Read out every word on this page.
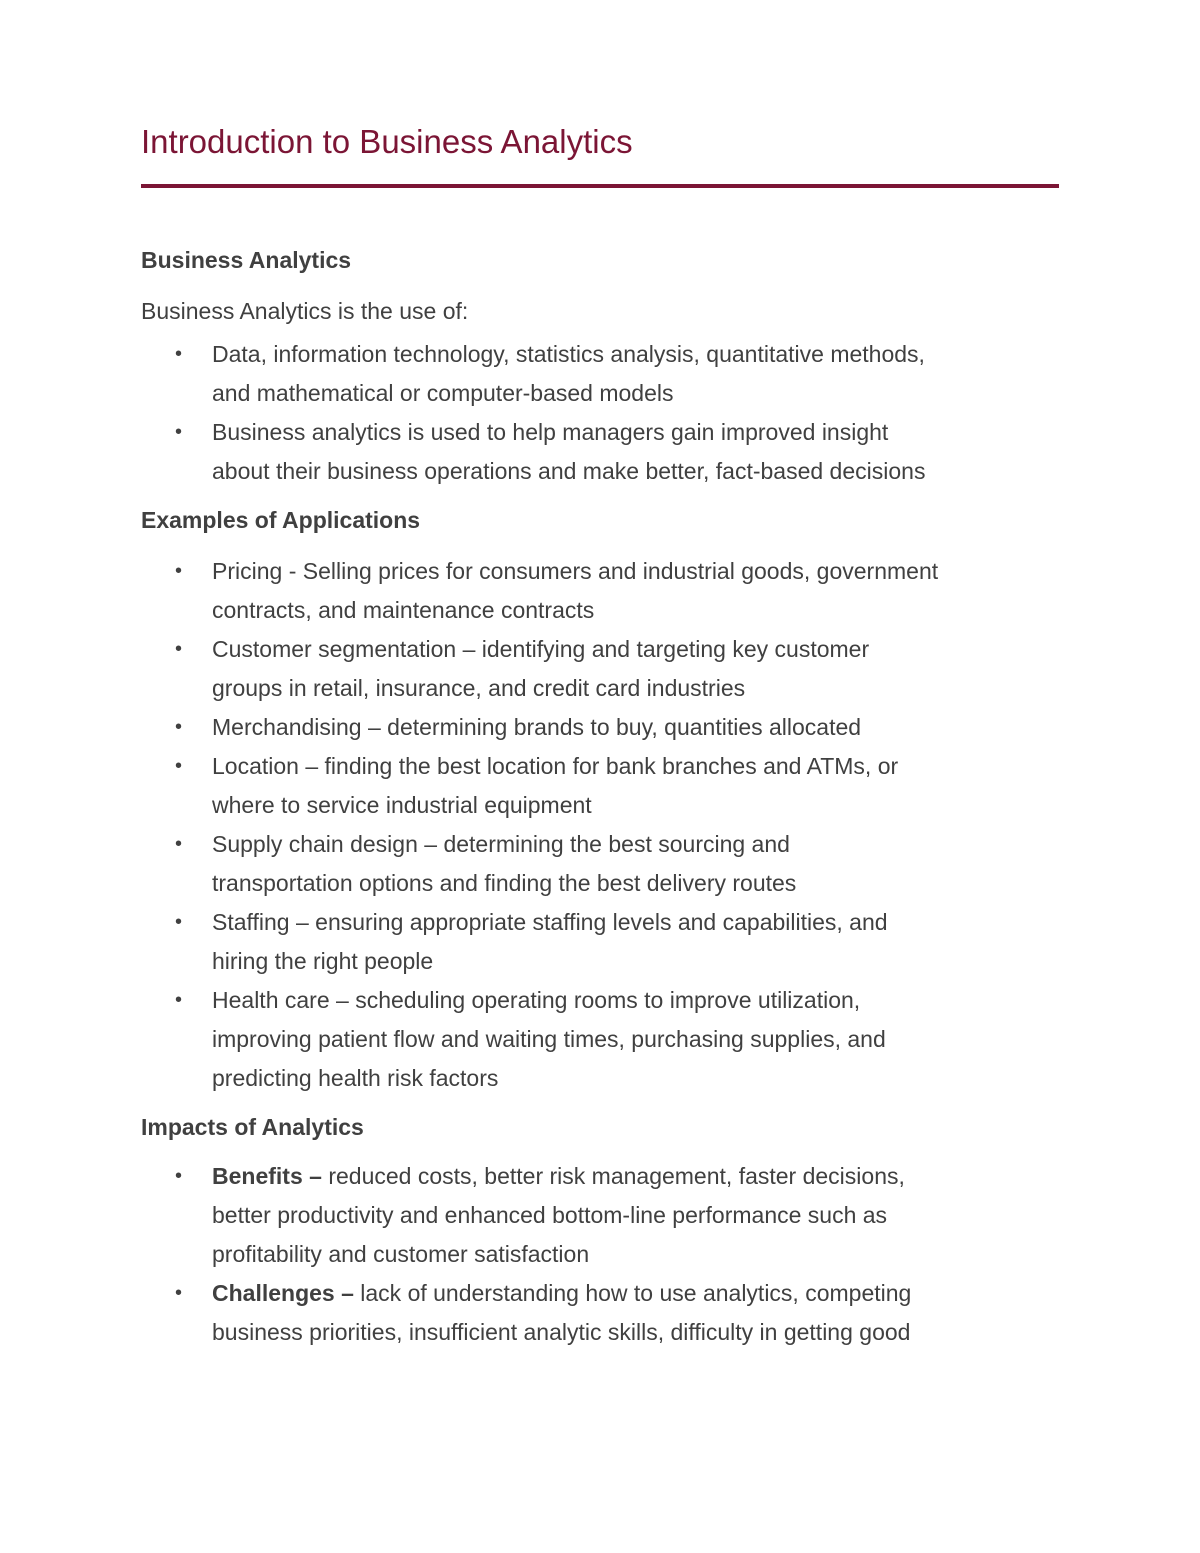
Introduction to Business Analytics
Business Analytics

Business Analytics is the use of:

• Data, information technology, statistics analysis, quantitative methods,
and mathematical or computer-based models
• Business analytics is used to help managers gain improved insight
about their business operations and make better, fact-based decisions
Examples of Applications
• Pricing - Selling prices for consumers and industrial goods, government
contracts, and maintenance contracts
• Customer segmentation – identifying and targeting key customer
groups in retail, insurance, and credit card industries
• Merchandising – determining brands to buy, quantities allocated
• Location – finding the best location for bank branches and ATMs, or
where to service industrial equipment
• Supply chain design – determining the best sourcing and
transportation options and finding the best delivery routes
• Staffing – ensuring appropriate staffing levels and capabilities, and
hiring the right people
• Health care – scheduling operating rooms to improve utilization,
improving patient flow and waiting times, purchasing supplies, and
predicting health risk factors
Impacts of Analytics
• Benefits – reduced costs, better risk management, faster decisions,
better productivity and enhanced bottom-line performance such as
profitability and customer satisfaction
• Challenges – lack of understanding how to use analytics, competing
business priorities, insufficient analytic skills, difficulty in getting good
